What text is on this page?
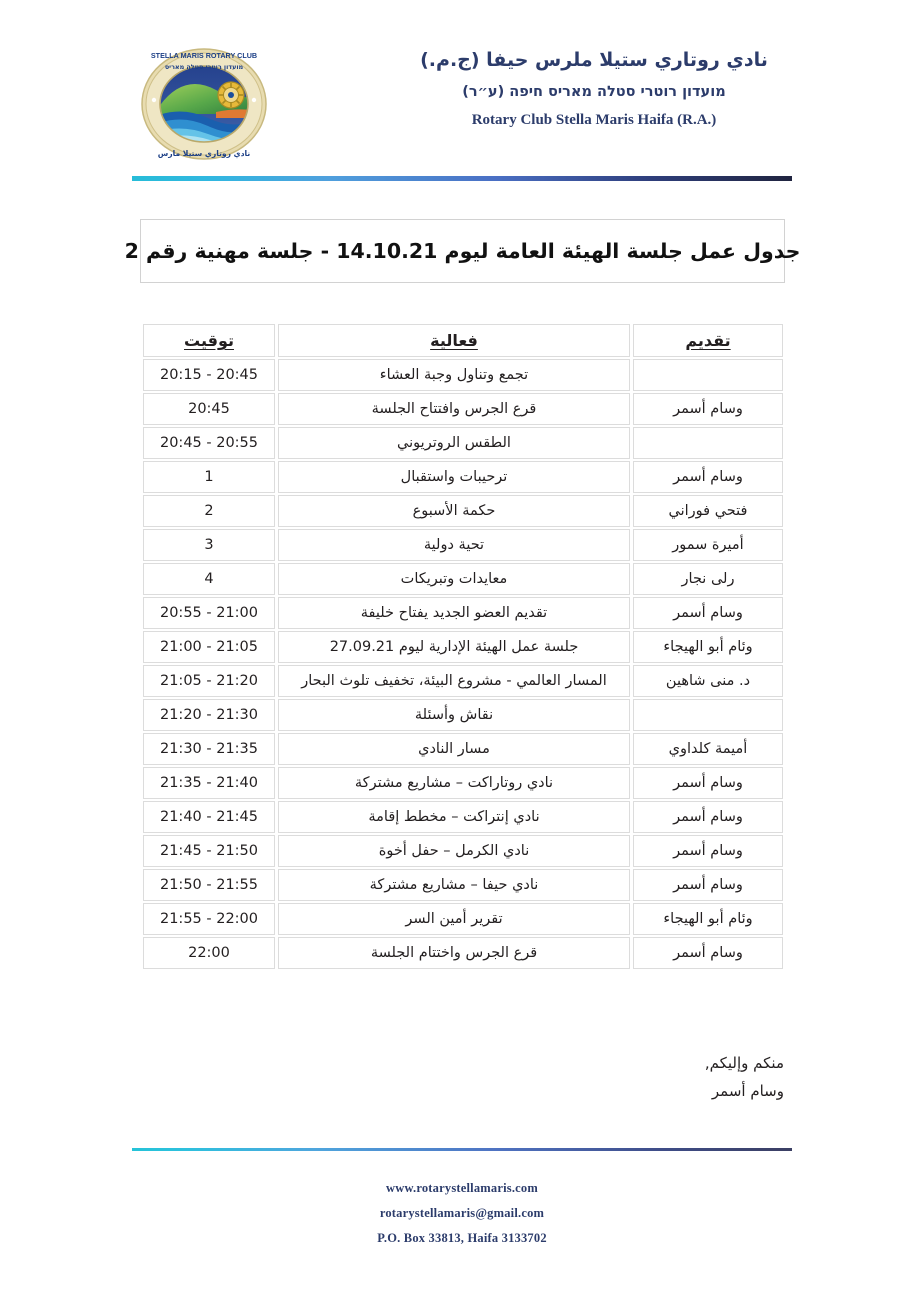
STELLA MARIS ROTARY CLUB
מועדון רוטרי סטלה מאריס
نادي روتاري ستيلا مارس
نادي روتاري ستيلا ملرس حيفا (ج.م.)
מועדון רוטרי סטלה מאריס חיפה (ע״ר)
Rotary Club Stella Maris Haifa (R.A.)
جدول عمل جلسة الهيئة العامة ليوم 14.10.21 - جلسة مهنية رقم 2
تقديم	فعالية	توقيت
	تجمع وتناول وجبة العشاء	20:15 - 20:45
وسام أسمر	قرع الجرس وافتتاح الجلسة	20:45
	الطقس الروتريوني	20:45 - 20:55
وسام أسمر	ترحيبات واستقبال	1
فتحي فوراني	حكمة الأسبوع	2
أميرة سمور	تحية دولية	3
رلى نجار	معايدات وتبريكات	4
وسام أسمر	تقديم العضو الجديد يفتاح خليفة	20:55 - 21:00
وئام أبو الهيجاء	جلسة عمل الهيئة الإدارية ليوم 27.09.21	21:00 - 21:05
د. منى شاهين	المسار العالمي - مشروع البيئة، تخفيف تلوث البحار	21:05 - 21:20
	نقاش وأسئلة	21:20 - 21:30
أميمة كلداوي	مسار النادي	21:30 - 21:35
وسام أسمر	نادي روتاراكت – مشاريع مشتركة	21:35 - 21:40
وسام أسمر	نادي إنتراكت – مخطط إقامة	21:40 - 21:45
وسام أسمر	نادي الكرمل – حفل أخوة	21:45 - 21:50
وسام أسمر	نادي حيفا – مشاريع مشتركة	21:50 - 21:55
وئام أبو الهيجاء	تقرير أمين السر	21:55 - 22:00
وسام أسمر	قرع الجرس واختتام الجلسة	22:00
منكم وإليكم,
وسام أسمر
www.rotarystellamaris.com
rotarystellamaris@gmail.com
P.O. Box 33813, Haifa 3133702
